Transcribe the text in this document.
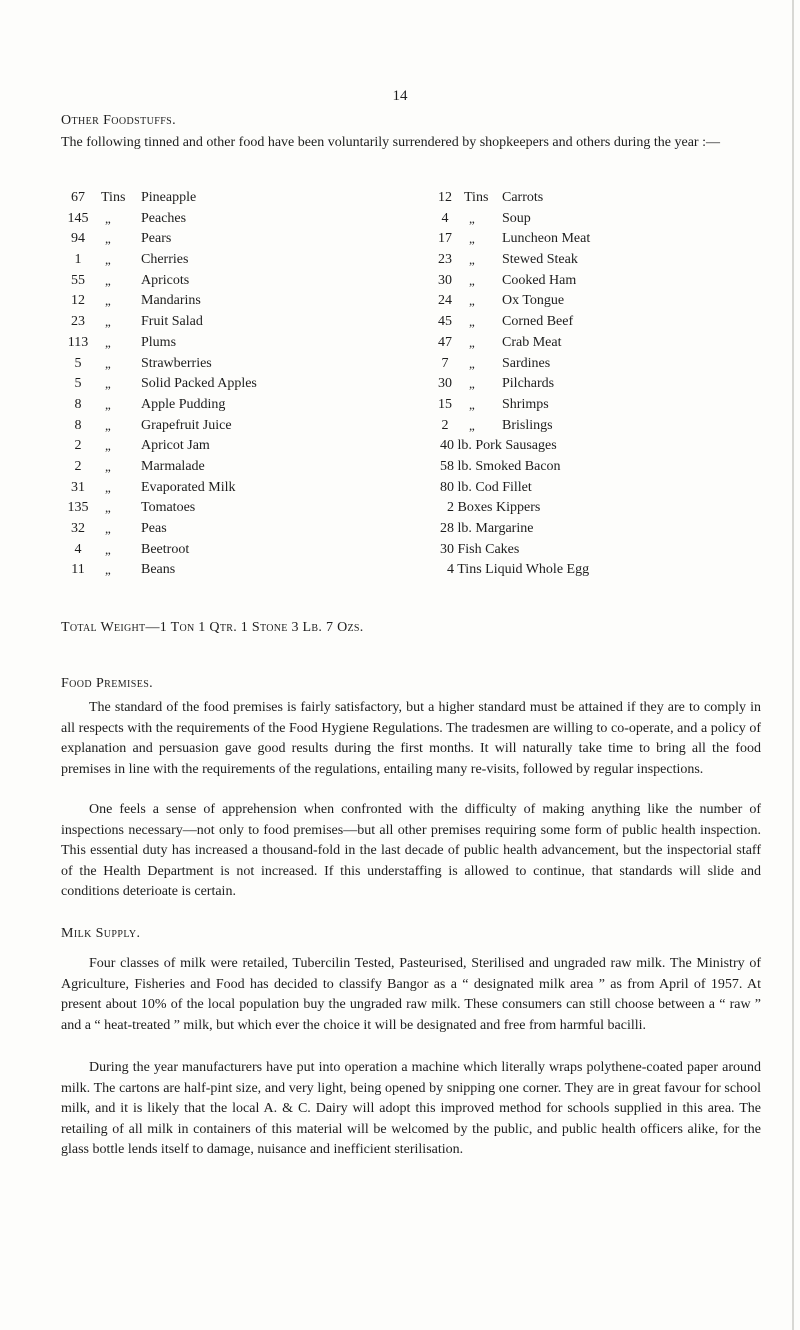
14
Other Foodstuffs.
The following tinned and other food have been voluntarily surrendered by shopkeepers and others during the year :—
67	Tins Pineapple
145	„ Peaches
94	„ Pears
1	„ Cherries
55	„ Apricots
12	„ Mandarins
23	„ Fruit Salad
113	„ Plums
5	„ Strawberries
5	„ Solid Packed Apples
8	„ Apple Pudding
8	„ Grapefruit Juice
2	„ Apricot Jam
2	„ Marmalade
31	„ Evaporated Milk
135	„ Tomatoes
32	„ Peas
4	„ Beetroot
11	„ Beans
12 Tins Carrots
4	„ Soup
17	„ Luncheon Meat
23	„ Stewed Steak
30	„ Cooked Ham
24	„ Ox Tongue
45	„ Corned Beef
47	„ Crab Meat
7	„ Sardines
30	„ Pilchards
15	„ Shrimps
2	„ Brislings
40 lb. Pork Sausages
58 lb. Smoked Bacon
80 lb. Cod Fillet
2 Boxes Kippers
28 lb. Margarine
30 Fish Cakes
4 Tins Liquid Whole Egg
Total Weight—1 Ton 1 Qtr. 1 Stone 3 Lb. 7 Ozs.
Food Premises.
The standard of the food premises is fairly satisfactory, but a higher standard must be attained if they are to comply in all respects with the requirements of the Food Hygiene Regulations. The tradesmen are willing to co-operate, and a policy of explanation and persuasion gave good results during the first months. It will naturally take time to bring all the food premises in line with the requirements of the regulations, entailing many re-visits, followed by regular inspections.
One feels a sense of apprehension when confronted with the difficulty of making anything like the number of inspections necessary—not only to food premises—but all other premises requiring some form of public health inspection. This essential duty has increased a thousand-fold in the last decade of public health advancement, but the inspectorial staff of the Health Department is not increased. If this understaffing is allowed to continue, that standards will slide and conditions deterioate is certain.
Milk Supply.
Four classes of milk were retailed, Tubercilin Tested, Pasteurised, Sterilised and ungraded raw milk. The Ministry of Agriculture, Fisheries and Food has decided to classify Bangor as a “ designated milk area ” as from April of 1957. At present about 10% of the local population buy the ungraded raw milk. These consumers can still choose between a “ raw ” and a “ heat-treated ” milk, but which ever the choice it will be designated and free from harmful bacilli.
During the year manufacturers have put into operation a machine which literally wraps polythene-coated paper around milk. The cartons are half-pint size, and very light, being opened by snipping one corner. They are in great favour for school milk, and it is likely that the local A. & C. Dairy will adopt this improved method for schools supplied in this area. The retailing of all milk in containers of this material will be welcomed by the public, and public health officers alike, for the glass bottle lends itself to damage, nuisance and inefficient sterilisation.
